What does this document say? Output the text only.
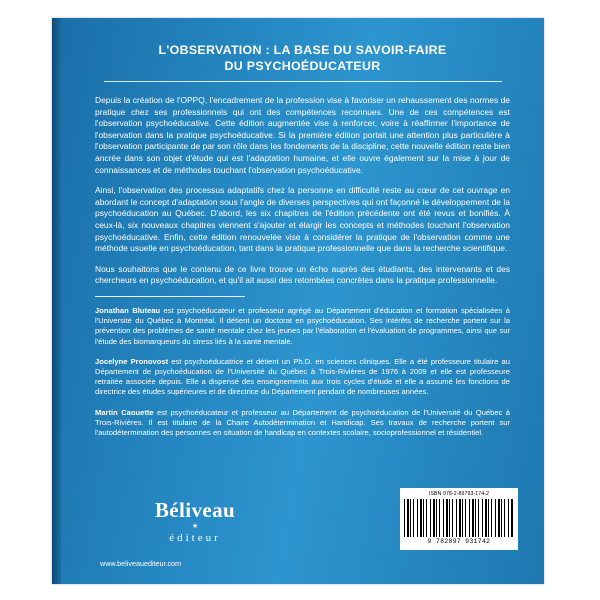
L'OBSERVATION : LA BASE DU SAVOIR-FAIRE
DU PSYCHOÉDUCATEUR

Depuis la création de l'OPPQ, l'encadrement de la profession vise à favoriser un rehaussement des normes de pratique chez ses professionnels qui ont des compétences reconnues. Une de ces compétences est l'observation psychoéducative. Cette édition augmentée vise à renforcer, voire à réaffirmer l'importance de l'observation dans la pratique psychoéducative. Si la première édition portait une attention plus particulière à l'observation participante de par son rôle dans les fondements de la discipline, cette nouvelle édition reste bien ancrée dans son objet d'étude qui est l'adaptation humaine, et elle ouvre également sur la mise à jour de connaissances et de méthodes touchant l'observation psychoéducative.

Ainsi, l'observation des processus adaptatifs chez la personne en difficulté reste au cœur de cet ouvrage en abordant le concept d'adaptation sous l'angle de diverses perspectives qui ont façonné le développement de la psychoéducation au Québec. D'abord, les six chapitres de l'édition précédente ont été revus et bonifiés. À ceux-là, six nouveaux chapitres viennent s'ajouter et élargir les concepts et méthodes touchant l'observation psychoéducative. Enfin, cette édition renouvelée vise à considérer la pratique de l'observation comme une méthode usuelle en psychoéducation, tant dans la pratique professionnelle que dans la recherche scientifique.

Nous souhaitons que le contenu de ce livre trouve un écho auprès des étudiants, des intervenants et des chercheurs en psychoéducation, et qu'il ait aussi des retombées concrètes dans la pratique professionnelle.

Jonathan Bluteau est psychoéducateur et professeur agrégé au Département d'éducation et formation spécialisées à l'Université du Québec à Montréal. Il détient un doctorat en psychoéducation. Ses intérêts de recherche portent sur la prévention des problèmes de santé mentale chez les jeunes par l'élaboration et l'évaluation de programmes, ainsi que sur l'étude des biomarqueurs du stress liés à la santé mentale.

Jocelyne Pronovost est psychoéducatrice et détient un Ph.D. en sciences cliniques. Elle a été professeure titulaire au Département de psychoéducation de l'Université du Québec à Trois-Rivières de 1976 à 2009 et elle est professeure retraitée associée depuis. Elle a dispensé des enseignements aux trois cycles d'étude et elle a assumé les fonctions de directrice des études supérieures et de directrice du Département pendant de nombreuses années.

Martin Caouette est psychoéducateur et professeur au Département de psychoéducation de l'Université du Québec à Trois-Rivières. Il est titulaire de la Chaire Autodétermination et Handicap. Ses travaux de recherche portent sur l'autodétermination des personnes en situation de handicap en contextes scolaire, socioprofessionnel et résidentiel.

Béliveau
★
éditeur
www.beliveauediteur.com
ISBN 978-2-89793-174-2
9 782897 931742
